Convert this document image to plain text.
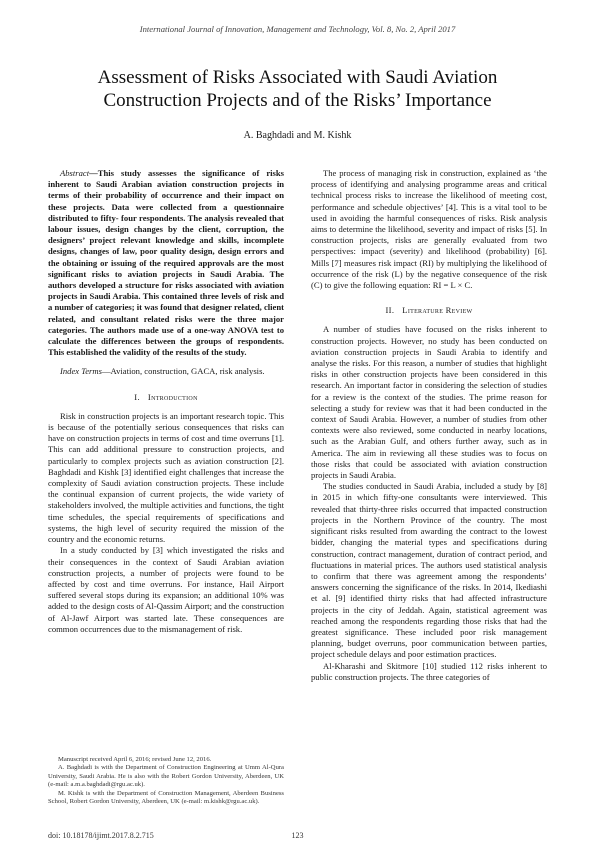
International Journal of Innovation, Management and Technology, Vol. 8, No. 2, April 2017
Assessment of Risks Associated with Saudi Aviation
Construction Projects and of the Risks’ Importance
A. Baghdadi and M. Kishk

Abstract—This study assesses the significance of risks inherent to Saudi Arabian aviation construction projects in terms of their probability of occurrence and their impact on these projects. Data were collected from a questionnaire distributed to fifty- four respondents. The analysis revealed that labour issues, design changes by the client, corruption, the designers’ project relevant knowledge and skills, incomplete designs, changes of law, poor quality design, design errors and the obtaining or issuing of the required approvals are the most significant risks to aviation projects in Saudi Arabia. The authors developed a structure for risks associated with aviation projects in Saudi Arabia. This contained three levels of risk and a number of categories; it was found that designer related, client related, and consultant related risks were the three major categories. The authors made use of a one-way ANOVA test to calculate the differences between the groups of respondents. This established the validity of the results of the study.

Index Terms—Aviation, construction, GACA, risk analysis.

I. Introduction

Risk in construction projects is an important research topic. This is because of the potentially serious consequences that risks can have on construction projects in terms of cost and time overruns [1]. This can add additional pressure to construction projects, and particularly to complex projects such as aviation construction [2]. Baghdadi and Kishk [3] identified eight challenges that increase the complexity of Saudi aviation construction projects. These include the continual expansion of current projects, the wide variety of stakeholders involved, the multiple activities and functions, the tight time schedules, the special requirements of specifications and systems, the high level of security required the mission of the country and the economic returns.

In a study conducted by [3] which investigated the risks and their consequences in the context of Saudi Arabian aviation construction projects, a number of projects were found to be affected by cost and time overruns. For instance, Hail Airport suffered several stops during its expansion; an additional 10% was added to the design costs of Al-Qassim Airport; and the construction of Al-Jawf Airport was started late. These consequences are common occurrences due to the mismanagement of risk.

Manuscript received April 6, 2016; revised June 12, 2016.

A. Baghdadi is with the Department of Construction Engineering at Umm Al-Qura University, Saudi Arabia. He is also with the Robert Gordon University, Aberdeen, UK (e-mail: a.m.a.baghdadi@rgu.ac.uk).

M. Kishk is with the Department of Construction Management, Aberdeen Business School, Robert Gordon University, Aberdeen, UK (e-mail: m.kishk@rgu.ac.uk).

The process of managing risk in construction, explained as ‘the process of identifying and analysing programme areas and critical technical process risks to increase the likelihood of meeting cost, performance and schedule objectives’ [4]. This is a vital tool to be used in avoiding the harmful consequences of risks. Risk analysis aims to determine the likelihood, severity and impact of risks [5]. In construction projects, risks are generally evaluated from two perspectives: impact (severity) and likelihood (probability) [6]. Mills [7] measures risk impact (RI) by multiplying the likelihood of occurrence of the risk (L) by the negative consequence of the risk (C) to give the following equation: RI = L × C.

II. Literature Review

A number of studies have focused on the risks inherent to construction projects. However, no study has been conducted on aviation construction projects in Saudi Arabia to identify and analyse the risks. For this reason, a number of studies that highlight risks in other construction projects have been considered in this research. An important factor in considering the selection of studies for a review is the context of the studies. The prime reason for selecting a study for review was that it had been conducted in the context of Saudi Arabia. However, a number of studies from other contexts were also reviewed, some conducted in nearby locations, such as the Arabian Gulf, and others further away, such as in America. The aim in reviewing all these studies was to focus on those risks that could be associated with aviation construction projects in Saudi Arabia.

The studies conducted in Saudi Arabia, included a study by [8] in 2015 in which fifty-one consultants were interviewed. This revealed that thirty-three risks occurred that impacted construction projects in the Northern Province of the country. The most significant risks resulted from awarding the contract to the lowest bidder, changing the material types and specifications during construction, contract management, duration of contract period, and fluctuations in material prices. The authors used statistical analysis to confirm that there was agreement among the respondents’ answers concerning the significance of the risks. In 2014, Ikediashi et al. [9] identified thirty risks that had affected infrastructure projects in the city of Jeddah. Again, statistical agreement was reached among the respondents regarding those risks that had the greatest significance. These included poor risk management planning, budget overruns, poor communication between parties, project schedule delays and poor estimation practices.

Al-Kharashi and Skitmore [10] studied 112 risks inherent to public construction projects. The three categories of

doi: 10.18178/ijimt.2017.8.2.715	123
